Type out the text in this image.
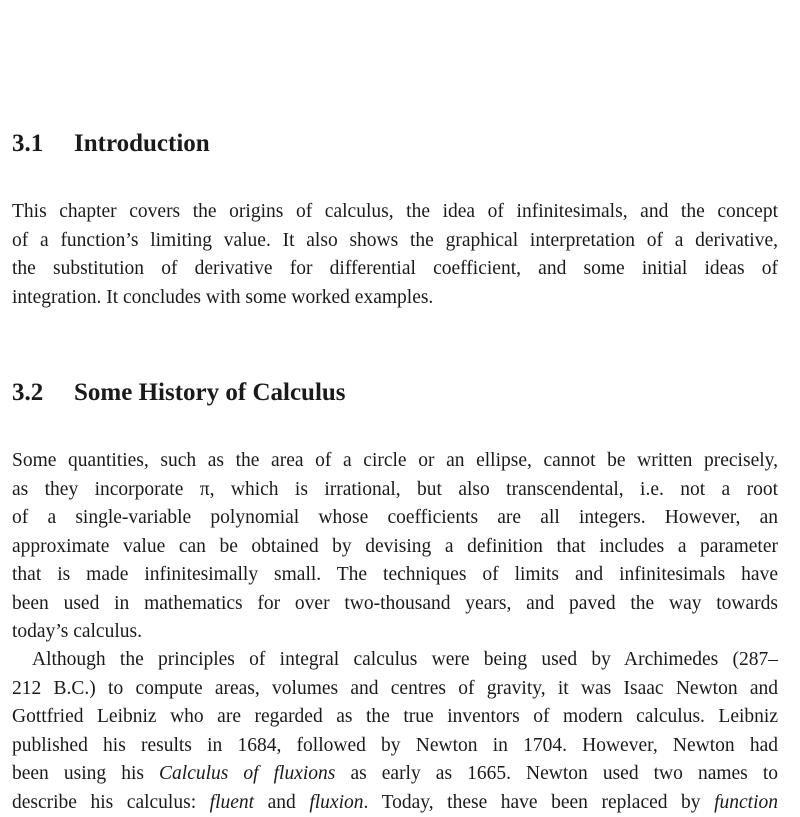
3.1 Introduction
This chapter covers the origins of calculus, the idea of infinitesimals, and the concept
of a function’s limiting value. It also shows the graphical interpretation of a derivative,
the substitution of derivative for differential coefficient, and some initial ideas of
integration. It concludes with some worked examples.
3.2 Some History of Calculus
Some quantities, such as the area of a circle or an ellipse, cannot be written precisely,
as they incorporate π, which is irrational, but also transcendental, i.e. not a root
of a single-variable polynomial whose coefficients are all integers. However, an
approximate value can be obtained by devising a definition that includes a parameter
that is made infinitesimally small. The techniques of limits and infinitesimals have
been used in mathematics for over two-thousand years, and paved the way towards
today’s calculus.
Although the principles of integral calculus were being used by Archimedes (287–
212 B.C.) to compute areas, volumes and centres of gravity, it was Isaac Newton and
Gottfried Leibniz who are regarded as the true inventors of modern calculus. Leibniz
published his results in 1684, followed by Newton in 1704. However, Newton had
been using his Calculus of fluxions as early as 1665. Newton used two names to
describe his calculus: fluent and fluxion. Today, these have been replaced by function
